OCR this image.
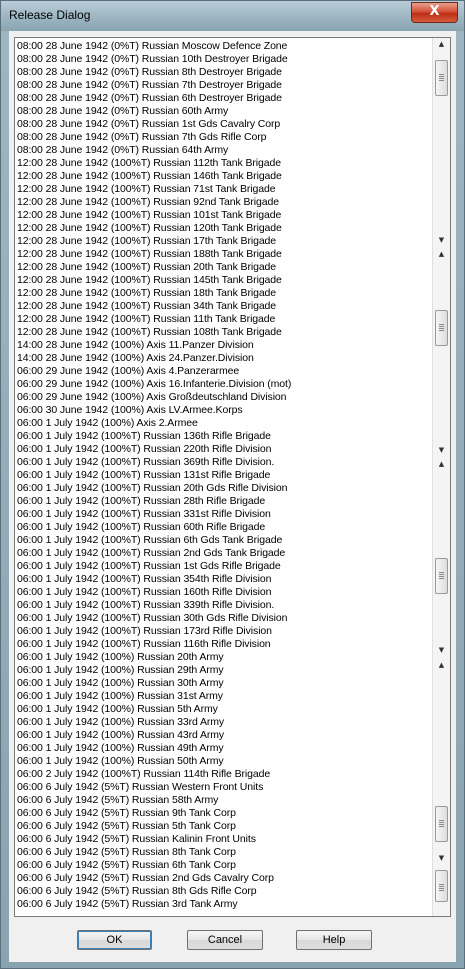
Release Dialog	X
08:00 28 June 1942 (0%T) Russian Moscow Defence Zone
08:00 28 June 1942 (0%T) Russian 10th Destroyer Brigade
08:00 28 June 1942 (0%T) Russian 8th Destroyer Brigade
08:00 28 June 1942 (0%T) Russian 7th Destroyer Brigade
08:00 28 June 1942 (0%T) Russian 6th Destroyer Brigade
08:00 28 June 1942 (0%T) Russian 60th Army
08:00 28 June 1942 (0%T) Russian 1st Gds Cavalry Corp
08:00 28 June 1942 (0%T) Russian 7th Gds Rifle Corp
08:00 28 June 1942 (0%T) Russian 64th Army
12:00 28 June 1942 (100%T) Russian 112th Tank Brigade
12:00 28 June 1942 (100%T) Russian 146th Tank Brigade
12:00 28 June 1942 (100%T) Russian 71st Tank Brigade
12:00 28 June 1942 (100%T) Russian 92nd Tank Brigade
12:00 28 June 1942 (100%T) Russian 101st Tank Brigade
12:00 28 June 1942 (100%T) Russian 120th Tank Brigade
12:00 28 June 1942 (100%T) Russian 17th Tank Brigade
12:00 28 June 1942 (100%T) Russian 188th Tank Brigade
12:00 28 June 1942 (100%T) Russian 20th Tank Brigade
12:00 28 June 1942 (100%T) Russian 145th Tank Brigade
12:00 28 June 1942 (100%T) Russian 18th Tank Brigade
12:00 28 June 1942 (100%T) Russian 34th Tank Brigade
12:00 28 June 1942 (100%T) Russian 11th Tank Brigade
12:00 28 June 1942 (100%T) Russian 108th Tank Brigade
14:00 28 June 1942 (100%) Axis 11.Panzer Division
14:00 28 June 1942 (100%) Axis 24.Panzer.Division
06:00 29 June 1942 (100%) Axis 4.Panzerarmee
06:00 29 June 1942 (100%) Axis 16.Infanterie.Division (mot)
06:00 29 June 1942 (100%) Axis Großdeutschland Division
06:00 30 June 1942 (100%) Axis LV.Armee.Korps
06:00 1 July 1942 (100%) Axis 2.Armee
06:00 1 July 1942 (100%T) Russian 136th Rifle Brigade
06:00 1 July 1942 (100%T) Russian 220th Rifle Division
06:00 1 July 1942 (100%T) Russian 369th Rifle Division.
06:00 1 July 1942 (100%T) Russian 131st Rifle Brigade
06:00 1 July 1942 (100%T) Russian 20th Gds Rifle Division
06:00 1 July 1942 (100%T) Russian 28th Rifle Brigade
06:00 1 July 1942 (100%T) Russian 331st Rifle Division
06:00 1 July 1942 (100%T) Russian 60th Rifle Brigade
06:00 1 July 1942 (100%T) Russian 6th Gds Tank Brigade
06:00 1 July 1942 (100%T) Russian 2nd Gds Tank Brigade
06:00 1 July 1942 (100%T) Russian 1st Gds Rifle Brigade
06:00 1 July 1942 (100%T) Russian 354th Rifle Division
06:00 1 July 1942 (100%T) Russian 160th Rifle Division
06:00 1 July 1942 (100%T) Russian 339th Rifle Division.
06:00 1 July 1942 (100%T) Russian 30th Gds Rifle Division
06:00 1 July 1942 (100%T) Russian 173rd Rifle Division
06:00 1 July 1942 (100%T) Russian 116th Rifle Division
06:00 1 July 1942 (100%) Russian 20th Army
06:00 1 July 1942 (100%) Russian 29th Army
06:00 1 July 1942 (100%) Russian 30th Army
06:00 1 July 1942 (100%) Russian 31st Army
06:00 1 July 1942 (100%) Russian 5th Army
06:00 1 July 1942 (100%) Russian 33rd Army
06:00 1 July 1942 (100%) Russian 43rd Army
06:00 1 July 1942 (100%) Russian 49th Army
06:00 1 July 1942 (100%) Russian 50th Army
06:00 2 July 1942 (100%T) Russian 114th Rifle Brigade
06:00 6 July 1942 (5%T) Russian Western Front Units
06:00 6 July 1942 (5%T) Russian 58th Army
06:00 6 July 1942 (5%T) Russian 9th Tank Corp
06:00 6 July 1942 (5%T) Russian 5th Tank Corp
06:00 6 July 1942 (5%T) Russian Kalinin Front Units
06:00 6 July 1942 (5%T) Russian 8th Tank Corp
06:00 6 July 1942 (5%T) Russian 6th Tank Corp
06:00 6 July 1942 (5%T) Russian 2nd Gds Cavalry Corp
06:00 6 July 1942 (5%T) Russian 8th Gds Rifle Corp
06:00 6 July 1942 (5%T) Russian 3rd Tank Army
▲
▼
▲
▼
▲
▼
▲
▼
OK	Cancel	Help
